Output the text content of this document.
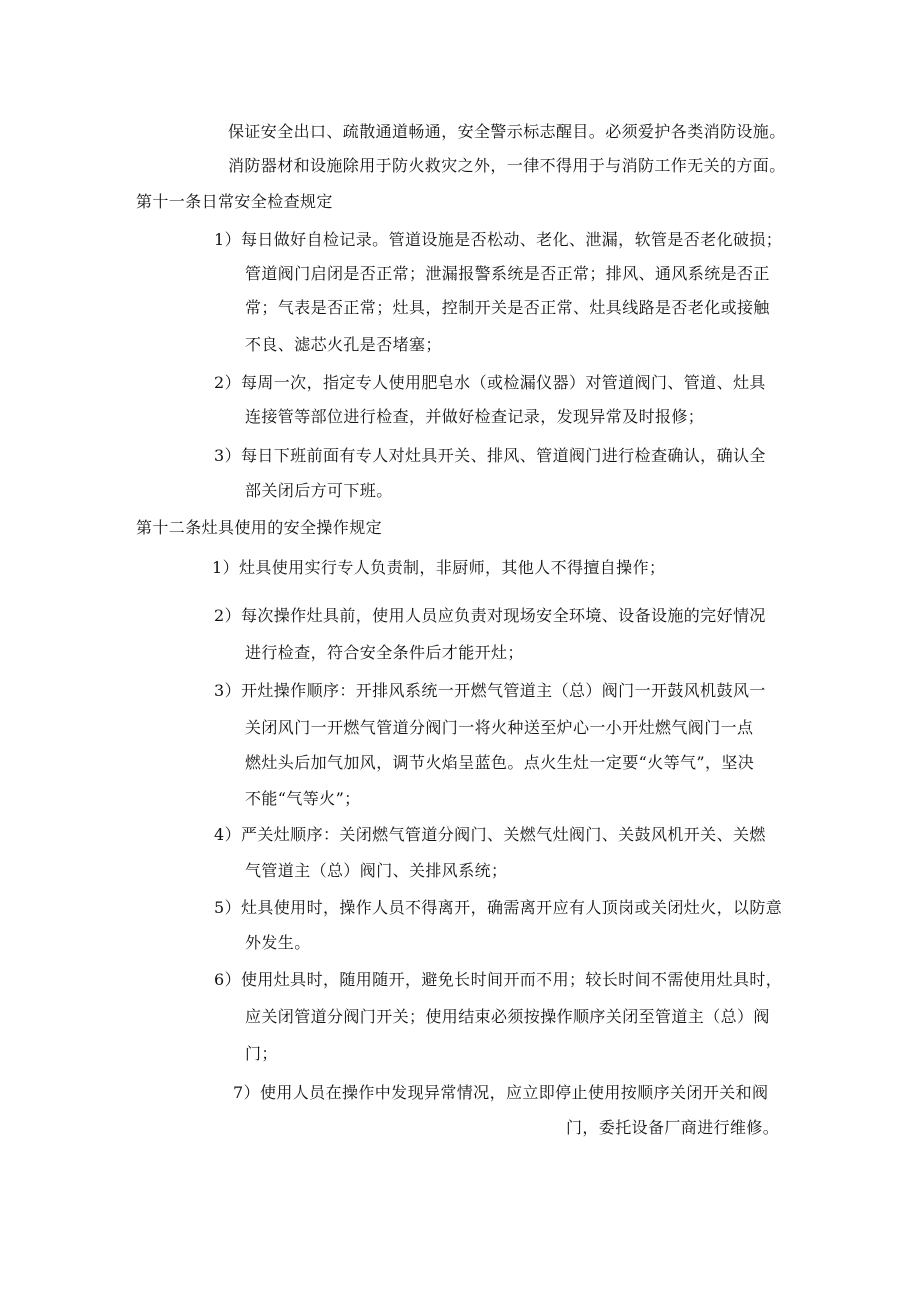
保证安全出口、疏散通道畅通，安全警示标志醒目。必须爱护各类消防设施。
消防器材和设施除用于防火救灾之外，一律不得用于与消防工作无关的方面。
第十一条日常安全检查规定
1）每日做好自检记录。管道设施是否松动、老化、泄漏，软管是否老化破损；
管道阀门启闭是否正常；泄漏报警系统是否正常；排风、通风系统是否正
常；气表是否正常；灶具，控制开关是否正常、灶具线路是否老化或接触
不良、滤芯火孔是否堵塞；
2）每周一次，指定专人使用肥皂水（或检漏仪器）对管道阀门、管道、灶具
连接管等部位进行检查，并做好检查记录，发现异常及时报修；
3）每日下班前面有专人对灶具开关、排风、管道阀门进行检查确认，确认全
部关闭后方可下班。
第十二条灶具使用的安全操作规定
1）灶具使用实行专人负责制，非厨师，其他人不得擅自操作；
2）每次操作灶具前，使用人员应负责对现场安全环境、设备设施的完好情况
进行检查，符合安全条件后才能开灶；
3）开灶操作顺序：开排风系统一开燃气管道主（总）阀门一开鼓风机鼓风一
关闭风门一开燃气管道分阀门一将火种送至炉心一小开灶燃气阀门一点
燃灶头后加气加风，调节火焰呈蓝色。点火生灶一定要“火等气”，坚决
不能“气等火”；
4）严关灶顺序：关闭燃气管道分阀门、关燃气灶阀门、关鼓风机开关、关燃
气管道主（总）阀门、关排风系统；
5）灶具使用时，操作人员不得离开，确需离开应有人顶岗或关闭灶火，以防意
外发生。
6）使用灶具时，随用随开，避免长时间开而不用；较长时间不需使用灶具时，
应关闭管道分阀门开关；使用结束必须按操作顺序关闭至管道主（总）阀
门；
7）使用人员在操作中发现异常情况，应立即停止使用按顺序关闭开关和阀
门，委托设备厂商进行维修。
